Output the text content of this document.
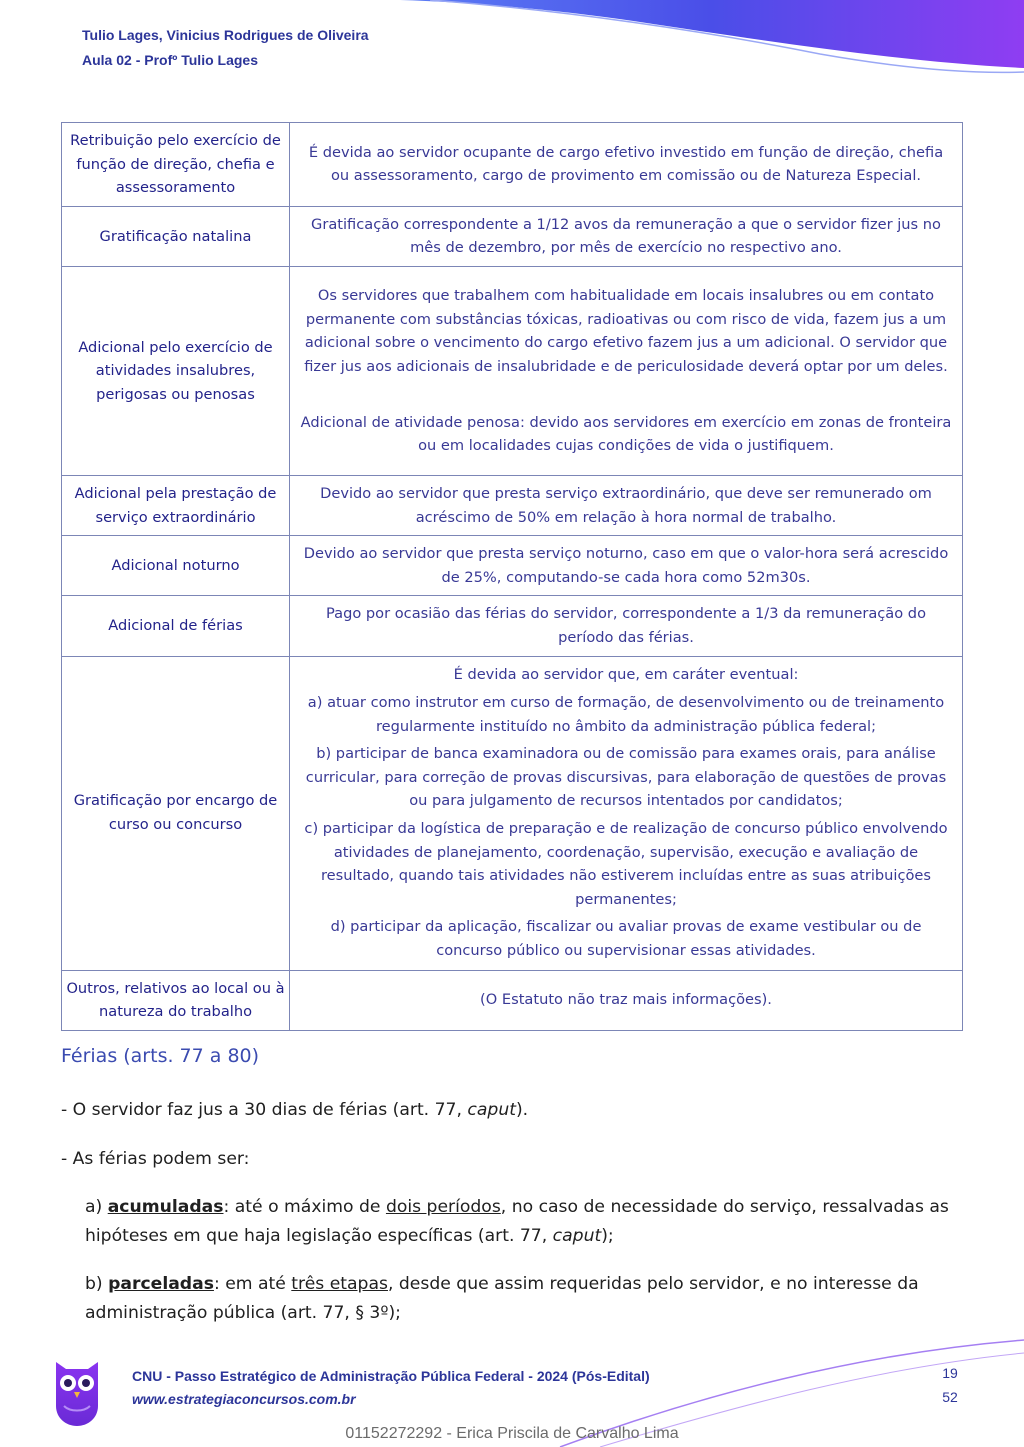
Tulio Lages, Vinicius Rodrigues de Oliveira
Aula 02 - Profº Tulio Lages
Retribuição pelo exercício de função de direção, chefia e assessoramento	É devida ao servidor ocupante de cargo efetivo investido em função de direção, chefia ou assessoramento, cargo de provimento em comissão ou de Natureza Especial.
Gratificação natalina	Gratificação correspondente a 1/12 avos da remuneração a que o servidor fizer jus no mês de dezembro, por mês de exercício no respectivo ano.
Adicional pelo exercício de atividades insalubres, perigosas ou penosas	Os servidores que trabalhem com habitualidade em locais insalubres ou em contato permanente com substâncias tóxicas, radioativas ou com risco de vida, fazem jus a um adicional sobre o vencimento do cargo efetivo fazem jus a um adicional. O servidor que fizer jus aos adicionais de insalubridade e de periculosidade deverá optar por um deles.
Adicional de atividade penosa: devido aos servidores em exercício em zonas de fronteira ou em localidades cujas condições de vida o justifiquem.

Adicional pela prestação de serviço extraordinário	Devido ao servidor que presta serviço extraordinário, que deve ser remunerado om acréscimo de 50% em relação à hora normal de trabalho.
Adicional noturno	Devido ao servidor que presta serviço noturno, caso em que o valor-hora será acrescido de 25%, computando-se cada hora como 52m30s.
Adicional de férias	Pago por ocasião das férias do servidor, correspondente a 1/3 da remuneração do período das férias.
Gratificação por encargo de curso ou concurso	É devida ao servidor que, em caráter eventual:
a) atuar como instrutor em curso de formação, de desenvolvimento ou de treinamento regularmente instituído no âmbito da administração pública federal;
b) participar de banca examinadora ou de comissão para exames orais, para análise curricular, para correção de provas discursivas, para elaboração de questões de provas ou para julgamento de recursos intentados por candidatos;
c) participar da logística de preparação e de realização de concurso público envolvendo atividades de planejamento, coordenação, supervisão, execução e avaliação de resultado, quando tais atividades não estiverem incluídas entre as suas atribuições permanentes;
d) participar da aplicação, fiscalizar ou avaliar provas de exame vestibular ou de concurso público ou supervisionar essas atividades.

Outros, relativos ao local ou à natureza do trabalho	(O Estatuto não traz mais informações).
Férias (arts. 77 a 80)
- O servidor faz jus a 30 dias de férias (art. 77, caput).
- As férias podem ser:
a) acumuladas: até o máximo de dois períodos, no caso de necessidade do serviço, ressalvadas as hipóteses em que haja legislação específicas (art. 77, caput);
b) parceladas: em até três etapas, desde que assim requeridas pelo servidor, e no interesse da administração pública (art. 77, § 3º);
CNU - Passo Estratégico de Administração Pública Federal - 2024 (Pós-Edital)
www.estrategiaconcursos.com.br
19
52
01152272292 - Erica Priscila de Carvalho Lima
